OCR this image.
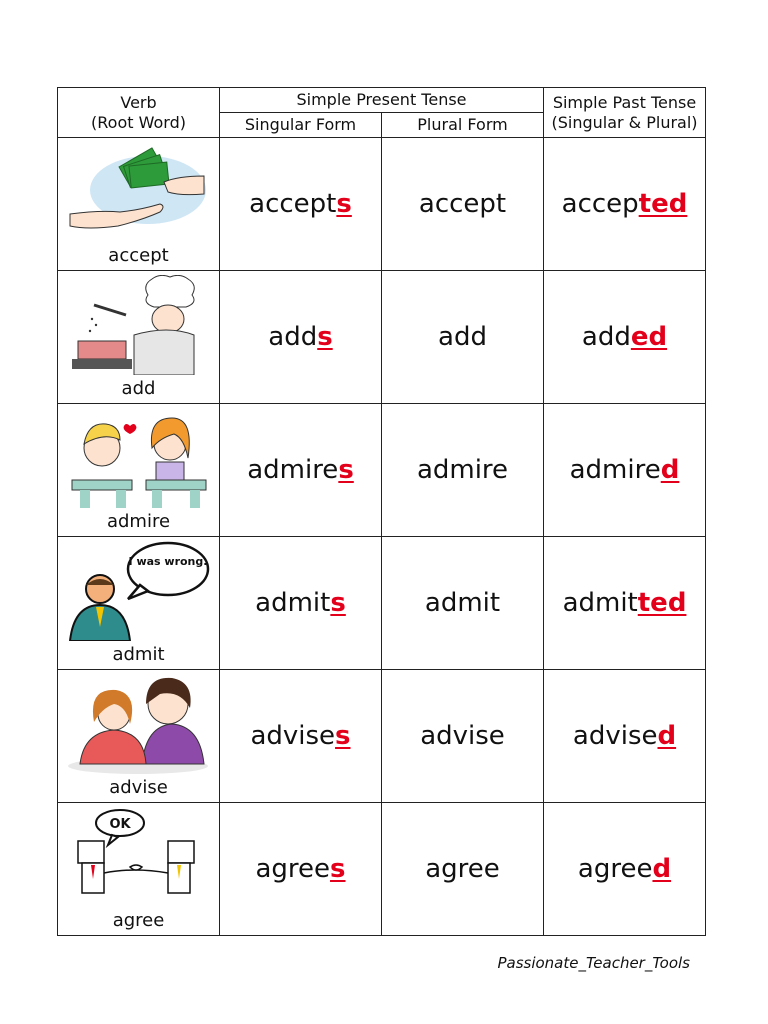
Verb
(Root Word)	Simple Present Tense		Simple Past Tense
(Singular & Plural)

	Singular Form	Plural Form	

accept	accepts	accept	accepted

add	adds	add	added

admire	admires	admire	admired

I was wrong.
admit	admits	admit	admitted

advise	advises	advise	advised

OK
agree	agrees	agree	agreed
Passionate_Teacher_Tools
